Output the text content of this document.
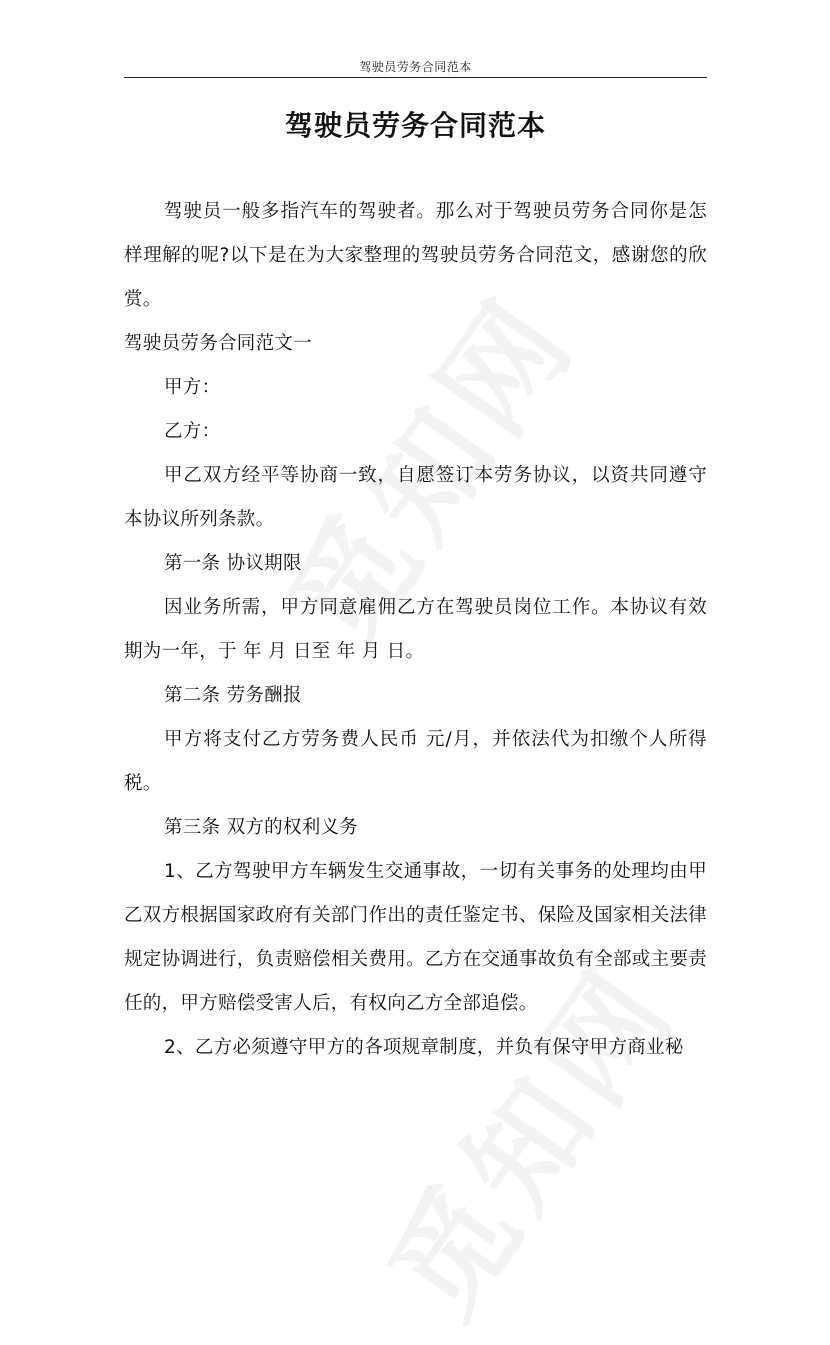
驾驶员劳务合同范本
驾驶员劳务合同范本

驾驶员一般多指汽车的驾驶者。那么对于驾驶员劳务合同你是怎样理解的呢?以下是在为大家整理的驾驶员劳务合同范文，感谢您的欣赏。

驾驶员劳务合同范文一

甲方：

乙方：

甲乙双方经平等协商一致，自愿签订本劳务协议，以资共同遵守本协议所列条款。

第一条 协议期限

因业务所需，甲方同意雇佣乙方在驾驶员岗位工作。本协议有效期为一年，于 年 月 日至 年 月 日。

第二条 劳务酬报

甲方将支付乙方劳务费人民币 元/月，并依法代为扣缴个人所得税。

第三条 双方的权利义务

1、乙方驾驶甲方车辆发生交通事故，一切有关事务的处理均由甲乙双方根据国家政府有关部门作出的责任鉴定书、保险及国家相关法律规定协调进行，负责赔偿相关费用。乙方在交通事故负有全部或主要责任的，甲方赔偿受害人后，有权向乙方全部追偿。

2、乙方必须遵守甲方的各项规章制度，并负有保守甲方商业秘
